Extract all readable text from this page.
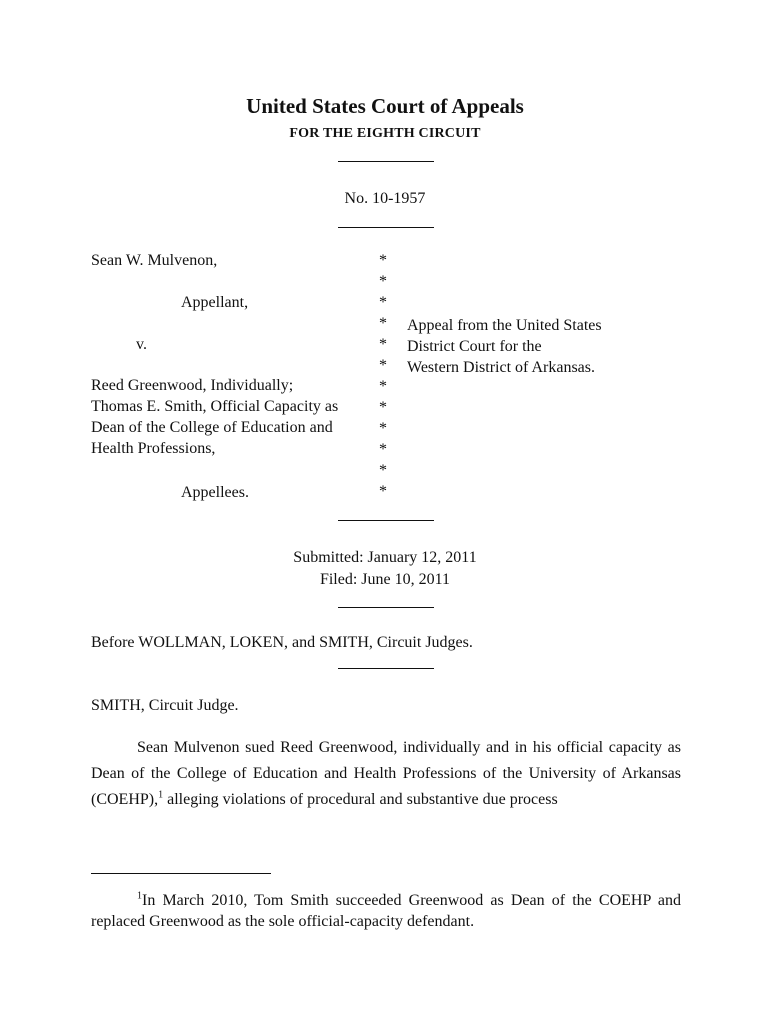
United States Court of Appeals
FOR THE EIGHTH CIRCUIT
No. 10-1957
Sean W. Mulvenon,
Appellant,
v.
Reed Greenwood, Individually;
Thomas E. Smith, Official Capacity as
Dean of the College of Education and
Health Professions,
Appellees.
*
*
*
*
*
*
*
*
*
*
*
*
Appeal from the United States
District Court for the
Western District of Arkansas.
Submitted: January 12, 2011
Filed: June 10, 2011
Before WOLLMAN, LOKEN, and SMITH, Circuit Judges.
SMITH, Circuit Judge.
Sean Mulvenon sued Reed Greenwood, individually and in his official capacity as Dean of the College of Education and Health Professions of the University of Arkansas (COEHP),$^1$ alleging violations of procedural and substantive due process
$^1$In March 2010, Tom Smith succeeded Greenwood as Dean of the COEHP and replaced Greenwood as the sole official-capacity defendant.
